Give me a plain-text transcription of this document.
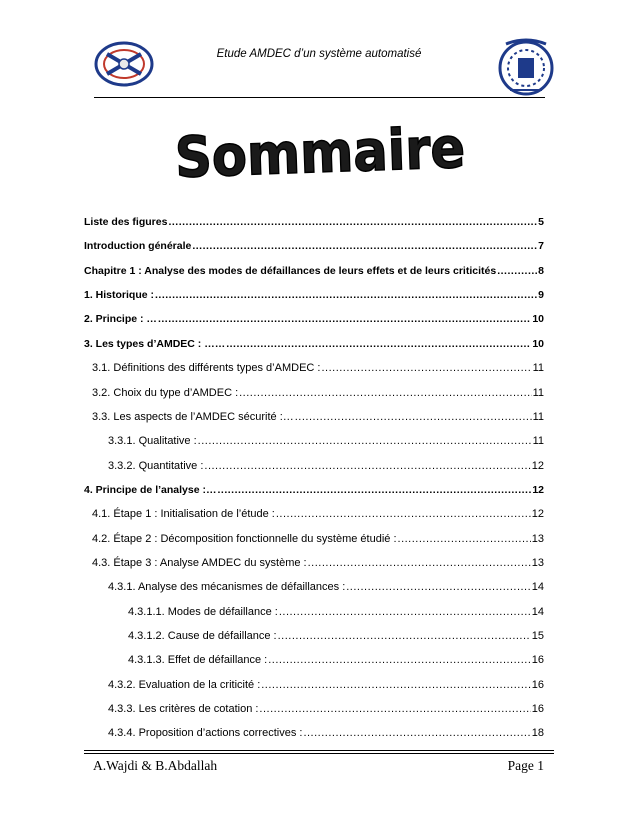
Etude AMDEC d’un système automatisé
Sommaire
Liste des figures .....	5
Introduction générale .....	7
Chapitre 1 : Analyse des modes de défaillances de leurs effets et de leurs criticités .....	8
1. Historique : .....	9
2. Principe : … .....	10
3. Les types d’AMDEC : …… .....	10
3.1. Définitions des différents types d’AMDEC : .....	11
3.2. Choix du type d’AMDEC : .....	11
3.3. Les aspects de l’AMDEC sécurité :… .....	11
3.3.1. Qualitative : .....	11
3.3.2. Quantitative : .....	12
4. Principe de l’analyse :… .....	12
4.1. Étape 1 : Initialisation de l’étude : .....	12
4.2. Étape 2 : Décomposition fonctionnelle du système étudié : .....	13
4.3. Étape 3 : Analyse AMDEC du système : .....	13
4.3.1. Analyse des mécanismes de défaillances : .....	14
4.3.1.1. Modes de défaillance : .....	14
4.3.1.2. Cause de défaillance : .....	15
4.3.1.3. Effet de défaillance : .....	16
4.3.2. Evaluation de la criticité : .....	16
4.3.3. Les critères de cotation : .....	16
4.3.4. Proposition d’actions correctives : .....	18
A.Wajdi & B.Abdallah	Page 1
